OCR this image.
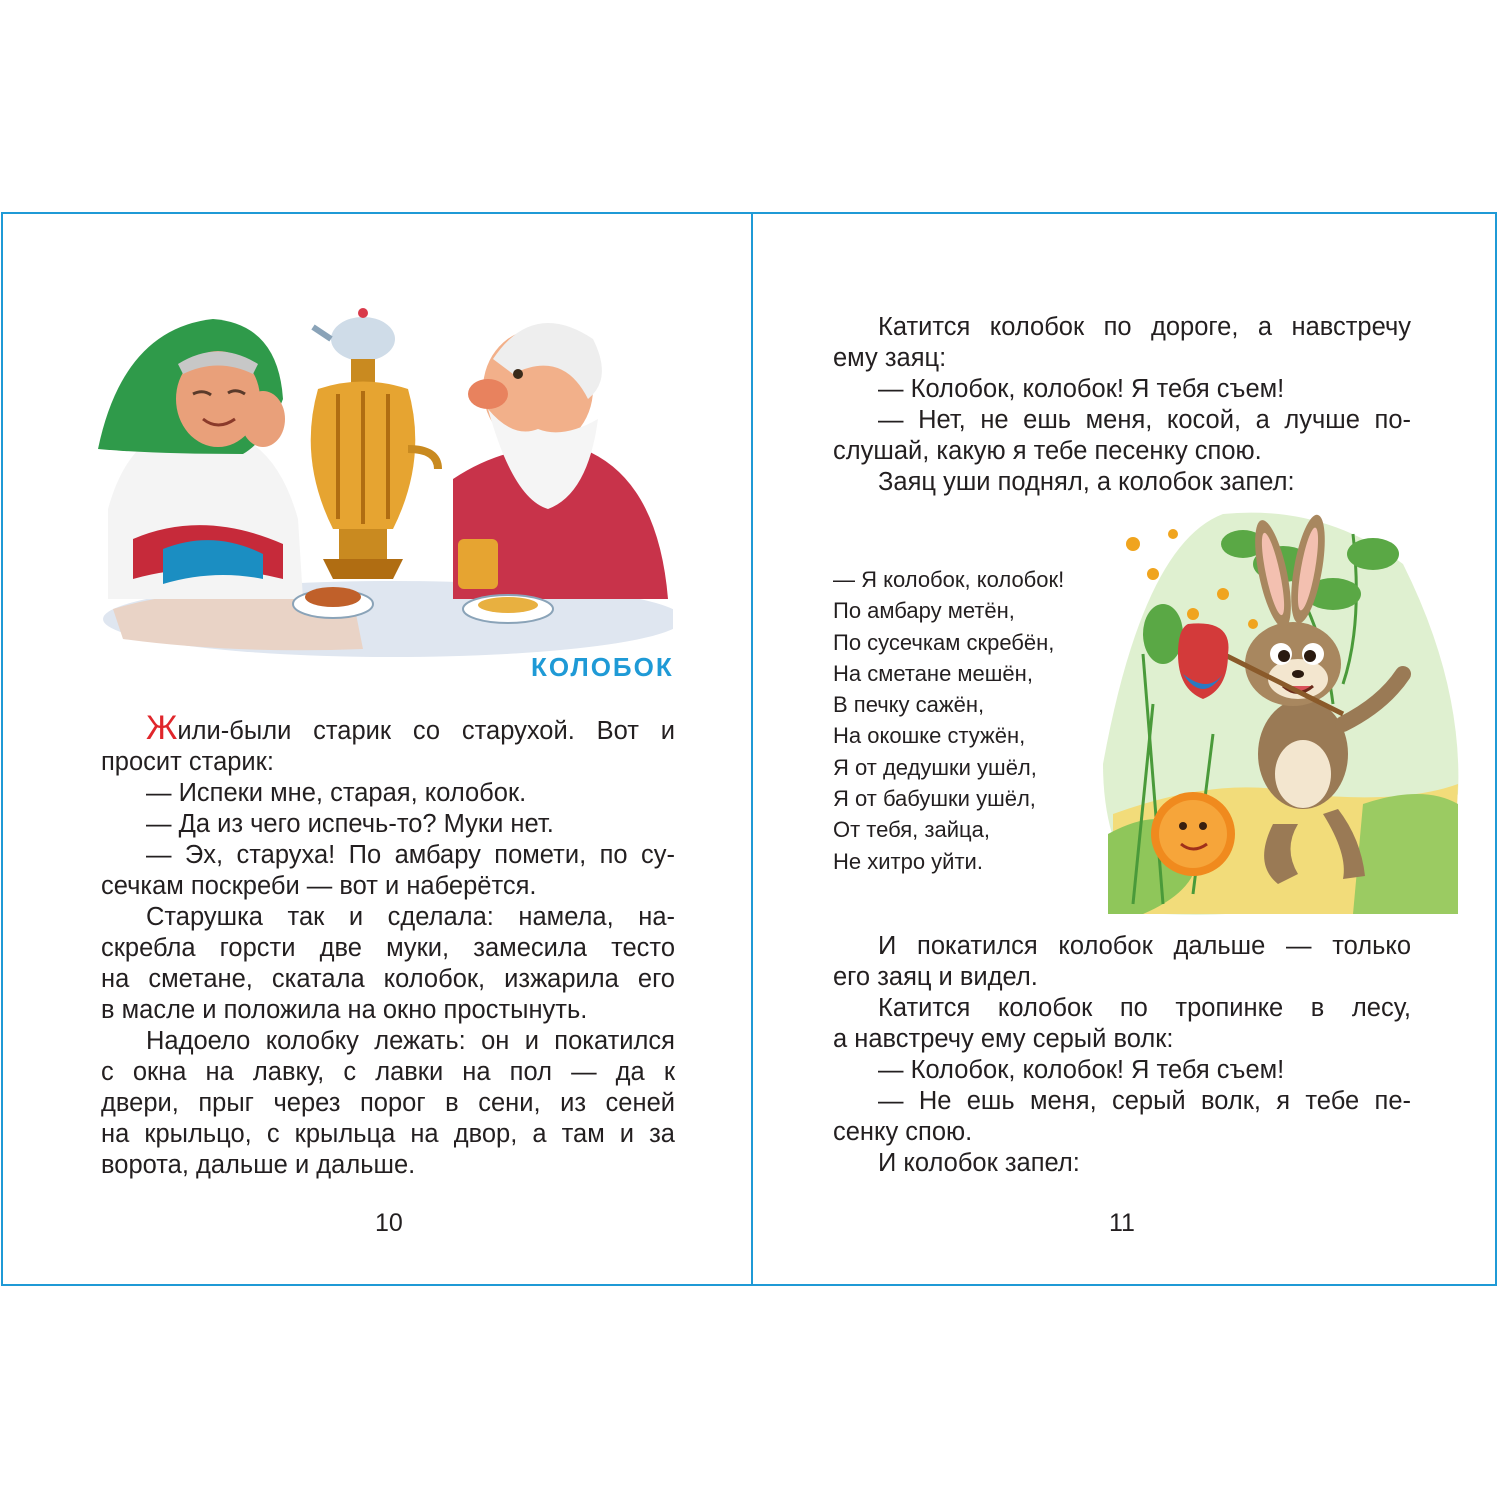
КОЛОБОК
Жили-были старик со старухой. Вот и
просит старик:
— Испеки мне, старая, колобок.
— Да из чего испечь-то? Муки нет.
— Эх, старуха! По амбару помети, по су-
сечкам поскреби — вот и наберётся.
Старушка так и сделала: намела, на-
скребла горсти две муки, замесила тесто
на сметане, скатала колобок, изжарила его
в масле и положила на окно простынуть.
Надоело колобку лежать: он и покатился
с окна на лавку, с лавки на пол — да к
двери, прыг через порог в сени, из сеней
на крыльцо, с крыльца на двор, а там и за
ворота, дальше и дальше.
10
Катится колобок по дороге, а навстречу
ему заяц:
— Колобок, колобок! Я тебя съем!
— Нет, не ешь меня, косой, а лучше по-
слушай, какую я тебе песенку спою.
Заяц уши поднял, а колобок запел:
— Я колобок, колобок!
По амбару метён,
По сусечкам скребён,
На сметане мешён,
В печку сажён,
На окошке стужён,
Я от дедушки ушёл,
Я от бабушки ушёл,
От тебя, зайца,
Не хитро уйти.
И покатился колобок дальше — только
его заяц и видел.
Катится колобок по тропинке в лесу,
а навстречу ему серый волк:
— Колобок, колобок! Я тебя съем!
— Не ешь меня, серый волк, я тебе пе-
сенку спою.
И колобок запел:
11
